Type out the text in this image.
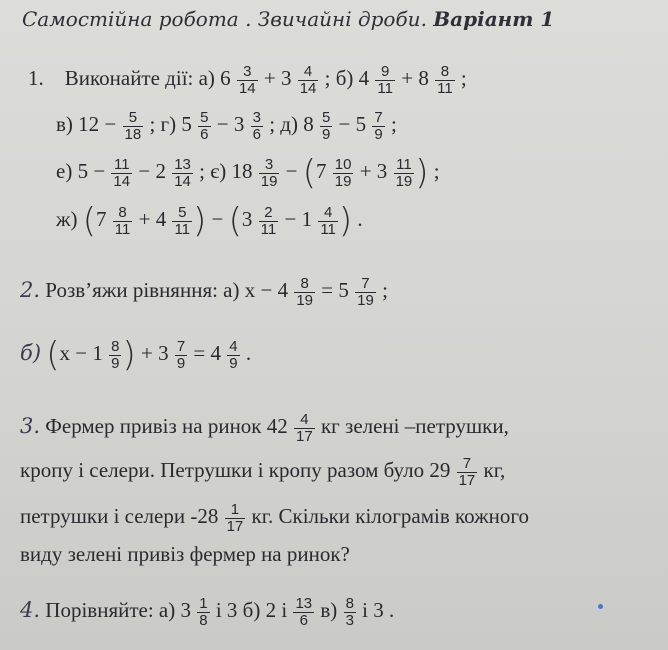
Самостійна робота . Звичайні дроби. Варіант 1
1. Виконайте дії: а) $6 \frac{3}{14} + 3 \frac{4}{14}$ ; б) $4 \frac{9}{11} + 8 \frac{8}{11}$ ;
в) $12 - \frac{5}{18}$ ; г) $5 \frac{5}{6} - 3 \frac{3}{6}$ ; д) $8 \frac{5}{9} - 5 \frac{7}{9}$ ;
е) $5 - \frac{11}{14} - 2 \frac{13}{14}$ ; є) $18 \frac{3}{19} - (7 \frac{10}{19} + 3 \frac{11}{19}$ ) ;
ж) ($7 \frac{8}{11} + 4 \frac{5}{11}$ ) − ($3 \frac{2}{11} - 1 \frac{4}{11}$ ) .
2. Розв’яжи рівняння: а) $x - 4 \frac{8}{19} = 5 \frac{7}{19}$ ;
б) ($x - 1 \frac{8}{9}$ ) + $3 \frac{7}{9} = 4 \frac{4}{9}$ .
3. Фермер привіз на ринок $42 \frac{4}{17}$ кг зелені –петрушки,
кропу і селери. Петрушки і кропу разом було $29 \frac{7}{17}$ кг,
петрушки і селери $-28 \frac{1}{17}$ кг. Скільки кілограмів кожного
виду зелені привіз фермер на ринок?
4. Порівняйте: а) $3 \frac{1}{8}$ і 3 б) 2 і $\frac{13}{6} в) \frac{8}{3}$ і 3 .
